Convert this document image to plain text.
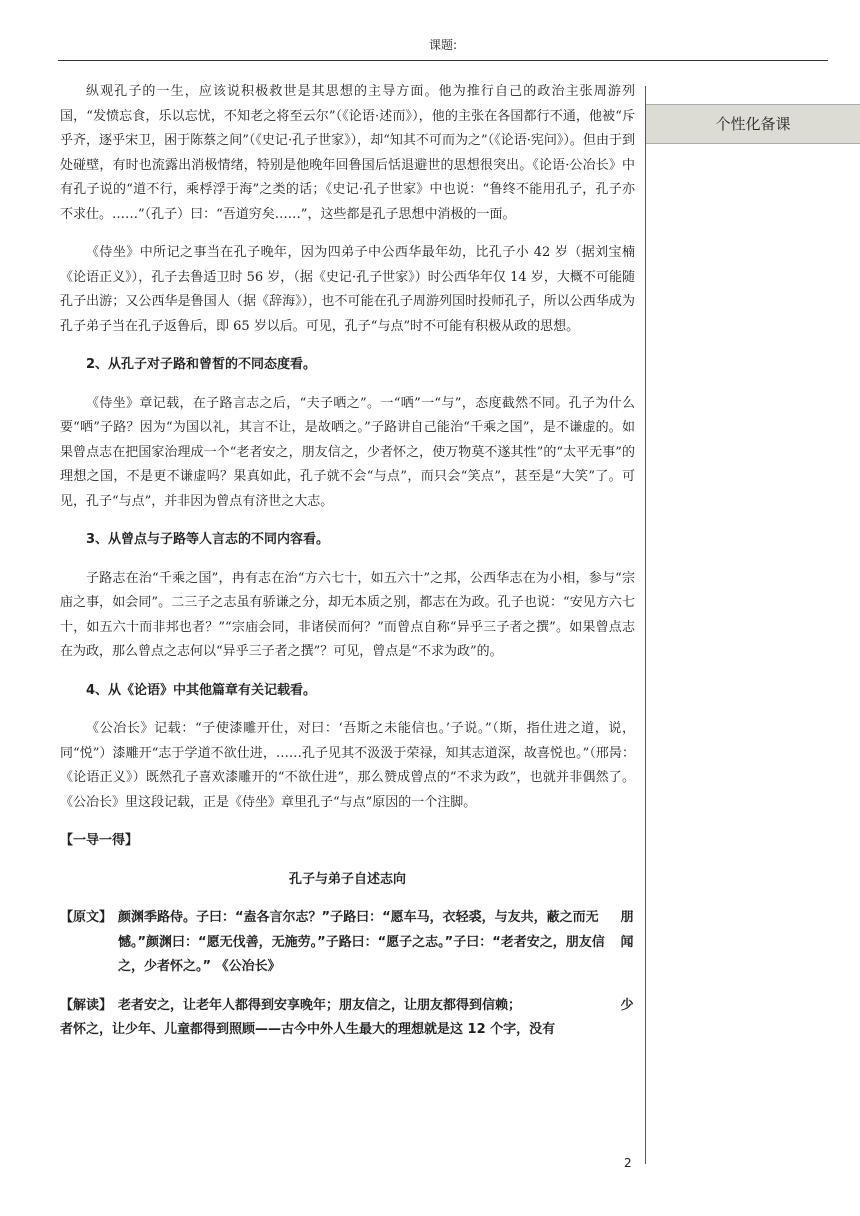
课题:
个性化备课

纵观孔子的一生，应该说积极救世是其思想的主导方面。他为推行自己的政治主张周游列国，“发愤忘食，乐以忘忧，不知老之将至云尔”（《论语·述而》），他的主张在各国都行不通，他被“斥乎齐，逐乎宋卫，困于陈蔡之间”（《史记·孔子世家》），却“知其不可而为之”（《论语·宪问》）。但由于到处碰壁，有时也流露出消极情绪，特别是他晚年回鲁国后恬退避世的思想很突出。《论语·公冶长》中有孔子说的“道不行，乘桴浮于海”之类的话；《史记·孔子世家》中也说：“鲁终不能用孔子，孔子亦不求仕。……”（孔子）曰：“吾道穷矣……”，这些都是孔子思想中消极的一面。

《侍坐》中所记之事当在孔子晚年，因为四弟子中公西华最年幼，比孔子小 42 岁（据刘宝楠《论语正义》），孔子去鲁适卫时 56 岁，（据《史记·孔子世家》）时公西华年仅 14 岁，大概不可能随孔子出游；又公西华是鲁国人（据《辞海》），也不可能在孔子周游列国时投师孔子，所以公西华成为孔子弟子当在孔子返鲁后，即 65 岁以后。可见，孔子“与点”时不可能有积极从政的思想。

2、从孔子对子路和曾皙的不同态度看。

《侍坐》章记载，在子路言志之后，“夫子哂之”。一“哂”一“与”，态度截然不同。孔子为什么要“哂”子路？因为“为国以礼，其言不让，是故哂之。”子路讲自己能治“千乘之国”，是不谦虚的。如果曾点志在把国家治理成一个“老者安之，朋友信之，少者怀之，使万物莫不遂其性”的“太平无事”的理想之国，不是更不谦虚吗？果真如此，孔子就不会“与点”，而只会“笑点”，甚至是“大笑”了。可见，孔子“与点”，并非因为曾点有济世之大志。

3、从曾点与子路等人言志的不同内容看。

子路志在治“千乘之国”，冉有志在治“方六七十，如五六十”之邦，公西华志在为小相，参与“宗庙之事，如会同”。二三子之志虽有骄谦之分，却无本质之别，都志在为政。孔子也说：“安见方六七十，如五六十而非邦也者？”“宗庙会同，非诸侯而何？”而曾点自称“异乎三子者之撰”。如果曾点志在为政，那么曾点之志何以“异乎三子者之撰”？可见，曾点是“不求为政”的。

4、从《论语》中其他篇章有关记载看。

《公冶长》记载：“子使漆雕开仕，对曰：‘吾斯之未能信也。’子说。”（斯，指仕进之道，说，同“悦”）漆雕开“志于学道不欲仕进，……孔子见其不汲汲于荣禄，知其志道深，故喜悦也。”（邢昺：《论语正义》）既然孔子喜欢漆雕开的“不欲仕进”，那么赞成曾点的“不求为政”，也就并非偶然了。《公冶长》里这段记载，正是《侍坐》章里孔子“与点”原因的一个注脚。

【一导一得】

孔子与弟子自述志向

【原文】 颜渊季路侍。子曰：“盍各言尔志？”子路曰：“愿车马，衣轻裘，与友共，蔽之而无憾。”颜渊曰：“愿无伐善，无施劳。”子路曰：“愿子之志。”子曰：“老者安之，朋友信之，少者怀之。” 《公冶长》
朋
闻
【解读】 老者安之，让老年人都得到安享晚年；朋友信之，让朋友都得到信赖；	少
者怀之，让少年、儿童都得到照顾——古今中外人生最大的理想就是这 12 个字，没有
2
